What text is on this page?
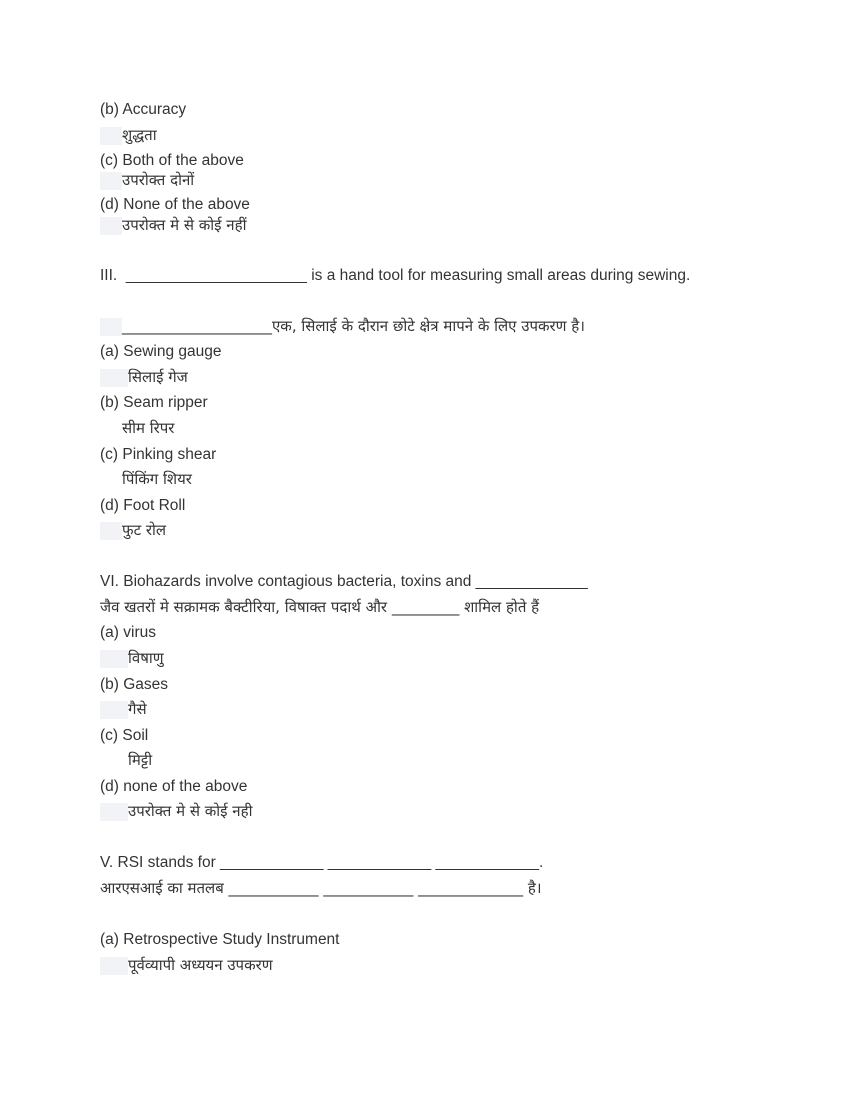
(b) Accuracy

शुद्धता

(c) Both of the above

उपरोक्त दोनों

(d) None of the above

उपरोक्त मे से कोई नहीं

III. _____________________ is a hand tool for measuring small areas during sewing.

____________________एक, सिलाई के दौरान छोटे क्षेत्र मापने के लिए उपकरण है।

(a) Sewing gauge

सिलाई गेज

(b) Seam ripper

सीम रिपर

(c) Pinking shear

पिंकिंग शियर

(d) Foot Roll

फुट रोल

VI. Biohazards involve contagious bacteria, toxins and _____________

जैव खतरों मे सक्रामक बैक्टीरिया, विषाक्त पदार्थ और _________ शामिल होते हैं

(a) virus

विषाणु

(b) Gases

गैसे

(c) Soil

मिट्टी

(d) none of the above

उपरोक्त मे से कोई नही

V. RSI stands for ____________ ____________ ____________.

आरएसआई का मतलब ____________ ____________ ______________ है।

(a) Retrospective Study Instrument

पूर्वव्यापी अध्ययन उपकरण
